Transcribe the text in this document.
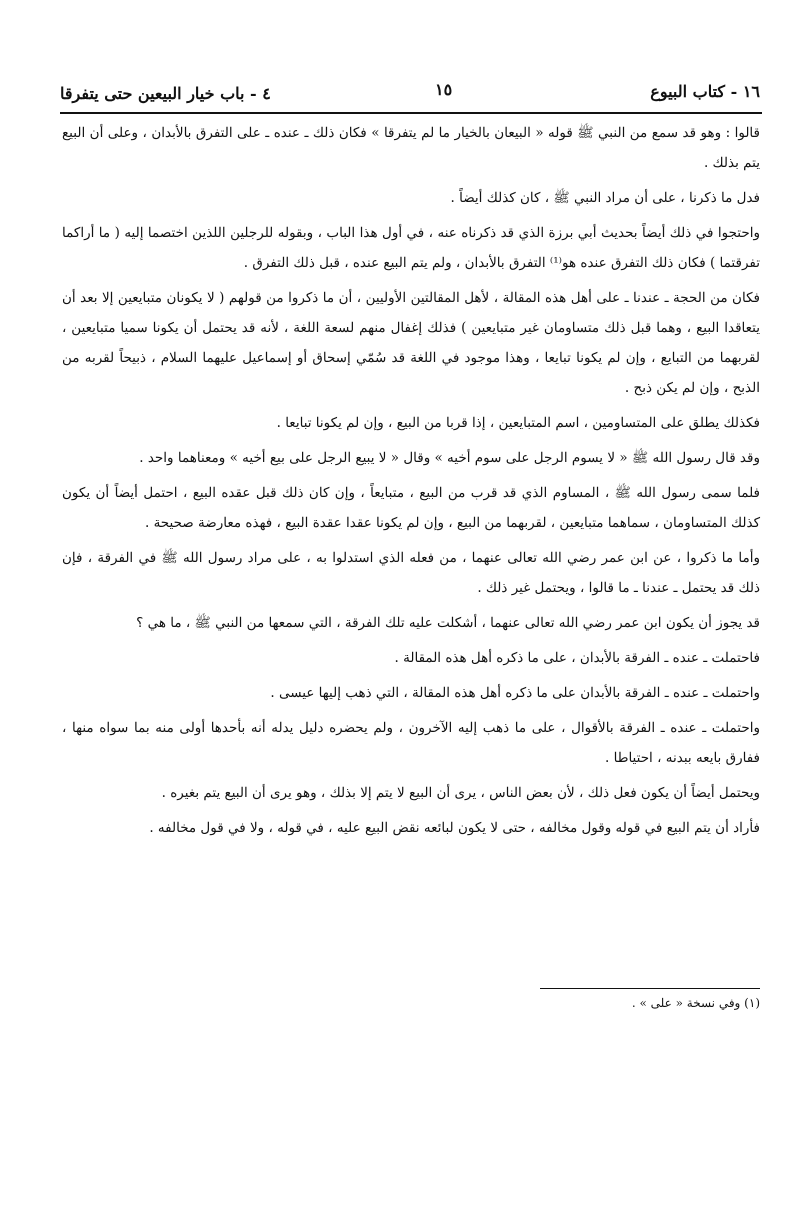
١٦ - كتاب البيوع
١٥
٤ - باب خيار البيعين حتى يتفرقا

قالوا : وهو قد سمع من النبي ﷺ قوله « البيعان بالخيار ما لم يتفرقا » فكان ذلك ـ عنده ـ على التفرق بالأبدان ، وعلى أن البيع يتم بذلك .

فدل ما ذكرنا ، على أن مراد النبي ﷺ ، كان كذلك أيضاً .

واحتجوا في ذلك أيضاً بحديث أبي برزة الذي قد ذكرناه عنه ، في أول هذا الباب ، وبقوله للرجلين اللذين اختصما إليه ( ما أراكما تفرقتما ) فكان ذلك التفرق عنده هو⁽¹⁾ التفرق بالأبدان ، ولم يتم البيع عنده ، قبل ذلك التفرق .

فكان من الحجة ـ عندنا ـ على أهل هذه المقالة ، لأهل المقالتين الأوليين ، أن ما ذكروا من قولهم ( لا يكونان متبايعين إلا بعد أن يتعاقدا البيع ، وهما قبل ذلك متساومان غير متبايعين ) فذلك إغفال منهم لسعة اللغة ، لأنه قد يحتمل أن يكونا سميا متبايعين ، لقربهما من التبايع ، وإن لم يكونا تبايعا ، وهذا موجود في اللغة قد سُمّي إسحاق أو إسماعيل عليهما السلام ، ذبيحاً لقربه من الذبح ، وإن لم يكن ذبح .

فكذلك يطلق على المتساومين ، اسم المتبايعين ، إذا قربا من البيع ، وإن لم يكونا تبايعا .

وقد قال رسول الله ﷺ « لا يسوم الرجل على سوم أخيه » وقال « لا يبيع الرجل على بيع أخيه » ومعناهما واحد .

فلما سمى رسول الله ﷺ ، المساوم الذي قد قرب من البيع ، متبايعاً ، وإن كان ذلك قبل عقده البيع ، احتمل أيضاً أن يكون كذلك المتساومان ، سماهما متبايعين ، لقربهما من البيع ، وإن لم يكونا عقدا عقدة البيع ، فهذه معارضة صحيحة .

وأما ما ذكروا ، عن ابن عمر رضي الله تعالى عنهما ، من فعله الذي استدلوا به ، على مراد رسول الله ﷺ في الفرقة ، فإن ذلك قد يحتمل ـ عندنا ـ ما قالوا ، ويحتمل غير ذلك .

قد يجوز أن يكون ابن عمر رضي الله تعالى عنهما ، أشكلت عليه تلك الفرقة ، التي سمعها من النبي ﷺ ، ما هي ؟

فاحتملت ـ عنده ـ الفرقة بالأبدان ، على ما ذكره أهل هذه المقالة .

واحتملت ـ عنده ـ الفرقة بالأبدان على ما ذكره أهل هذه المقالة ، التي ذهب إليها عيسى .

واحتملت ـ عنده ـ الفرقة بالأقوال ، على ما ذهب إليه الآخرون ، ولم يحضره دليل يدله أنه بأحدها أولى منه بما سواه منها ، ففارق بايعه ببدنه ، احتياطا .

ويحتمل أيضاً أن يكون فعل ذلك ، لأن بعض الناس ، يرى أن البيع لا يتم إلا بذلك ، وهو يرى أن البيع يتم بغيره .

فأراد أن يتم البيع في قوله وقول مخالفه ، حتى لا يكون لبائعه نقض البيع عليه ، في قوله ، ولا في قول مخالفه .

(١) وفي نسخة « على » .
